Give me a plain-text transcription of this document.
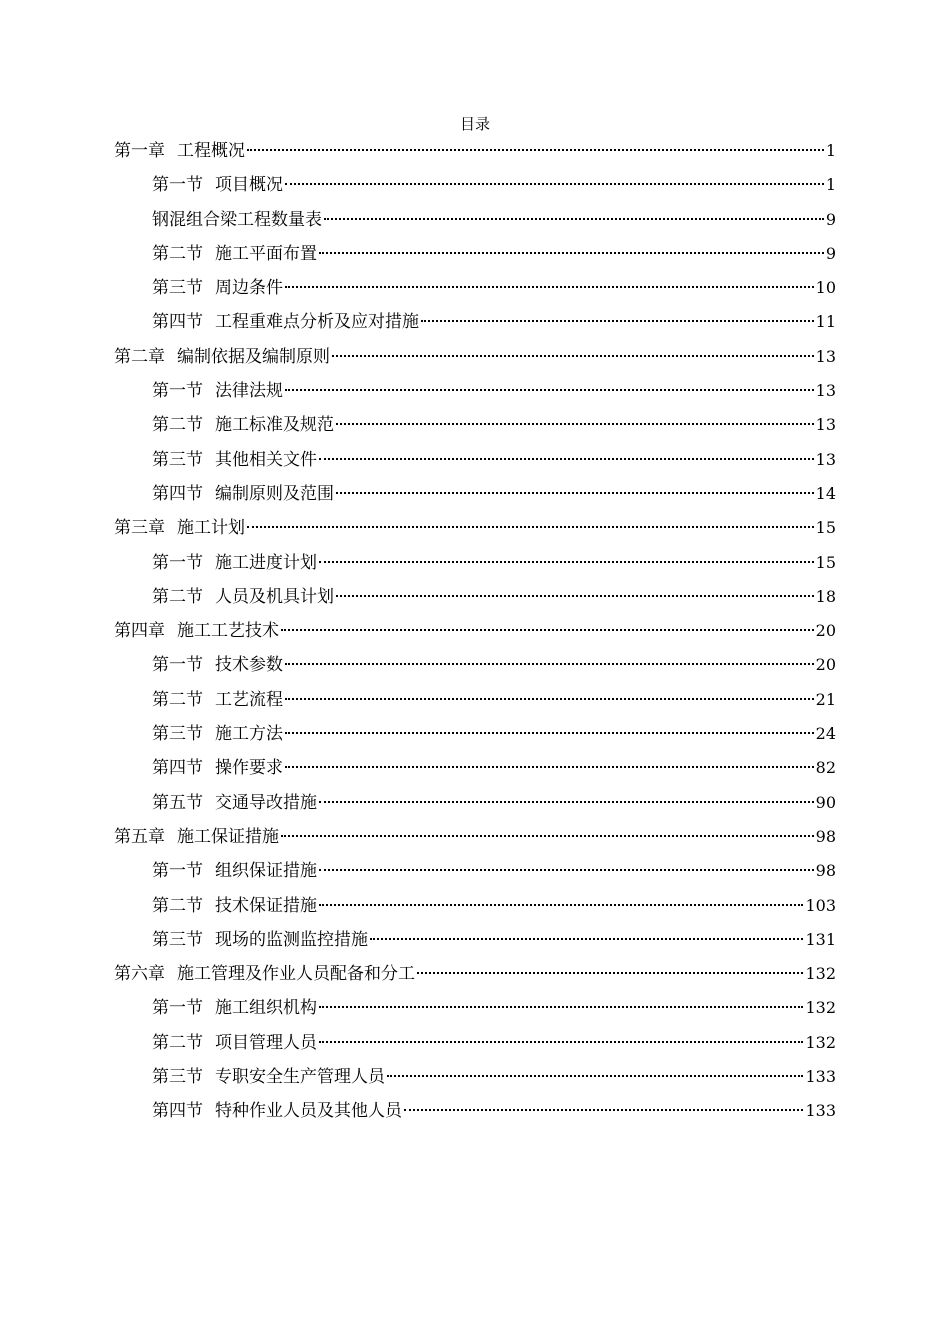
目录
第一章 工程概况	1
第一节 项目概况	1
钢混组合梁工程数量表	9
第二节 施工平面布置	9
第三节 周边条件	10
第四节 工程重难点分析及应对措施	11
第二章 编制依据及编制原则	13
第一节 法律法规	13
第二节 施工标准及规范	13
第三节 其他相关文件	13
第四节 编制原则及范围	14
第三章 施工计划	15
第一节 施工进度计划	15
第二节 人员及机具计划	18
第四章 施工工艺技术	20
第一节 技术参数	20
第二节 工艺流程	21
第三节 施工方法	24
第四节 操作要求	82
第五节 交通导改措施	90
第五章 施工保证措施	98
第一节 组织保证措施	98
第二节 技术保证措施	103
第三节 现场的监测监控措施	131
第六章 施工管理及作业人员配备和分工	132
第一节 施工组织机构	132
第二节 项目管理人员	132
第三节 专职安全生产管理人员	133
第四节 特种作业人员及其他人员	133
